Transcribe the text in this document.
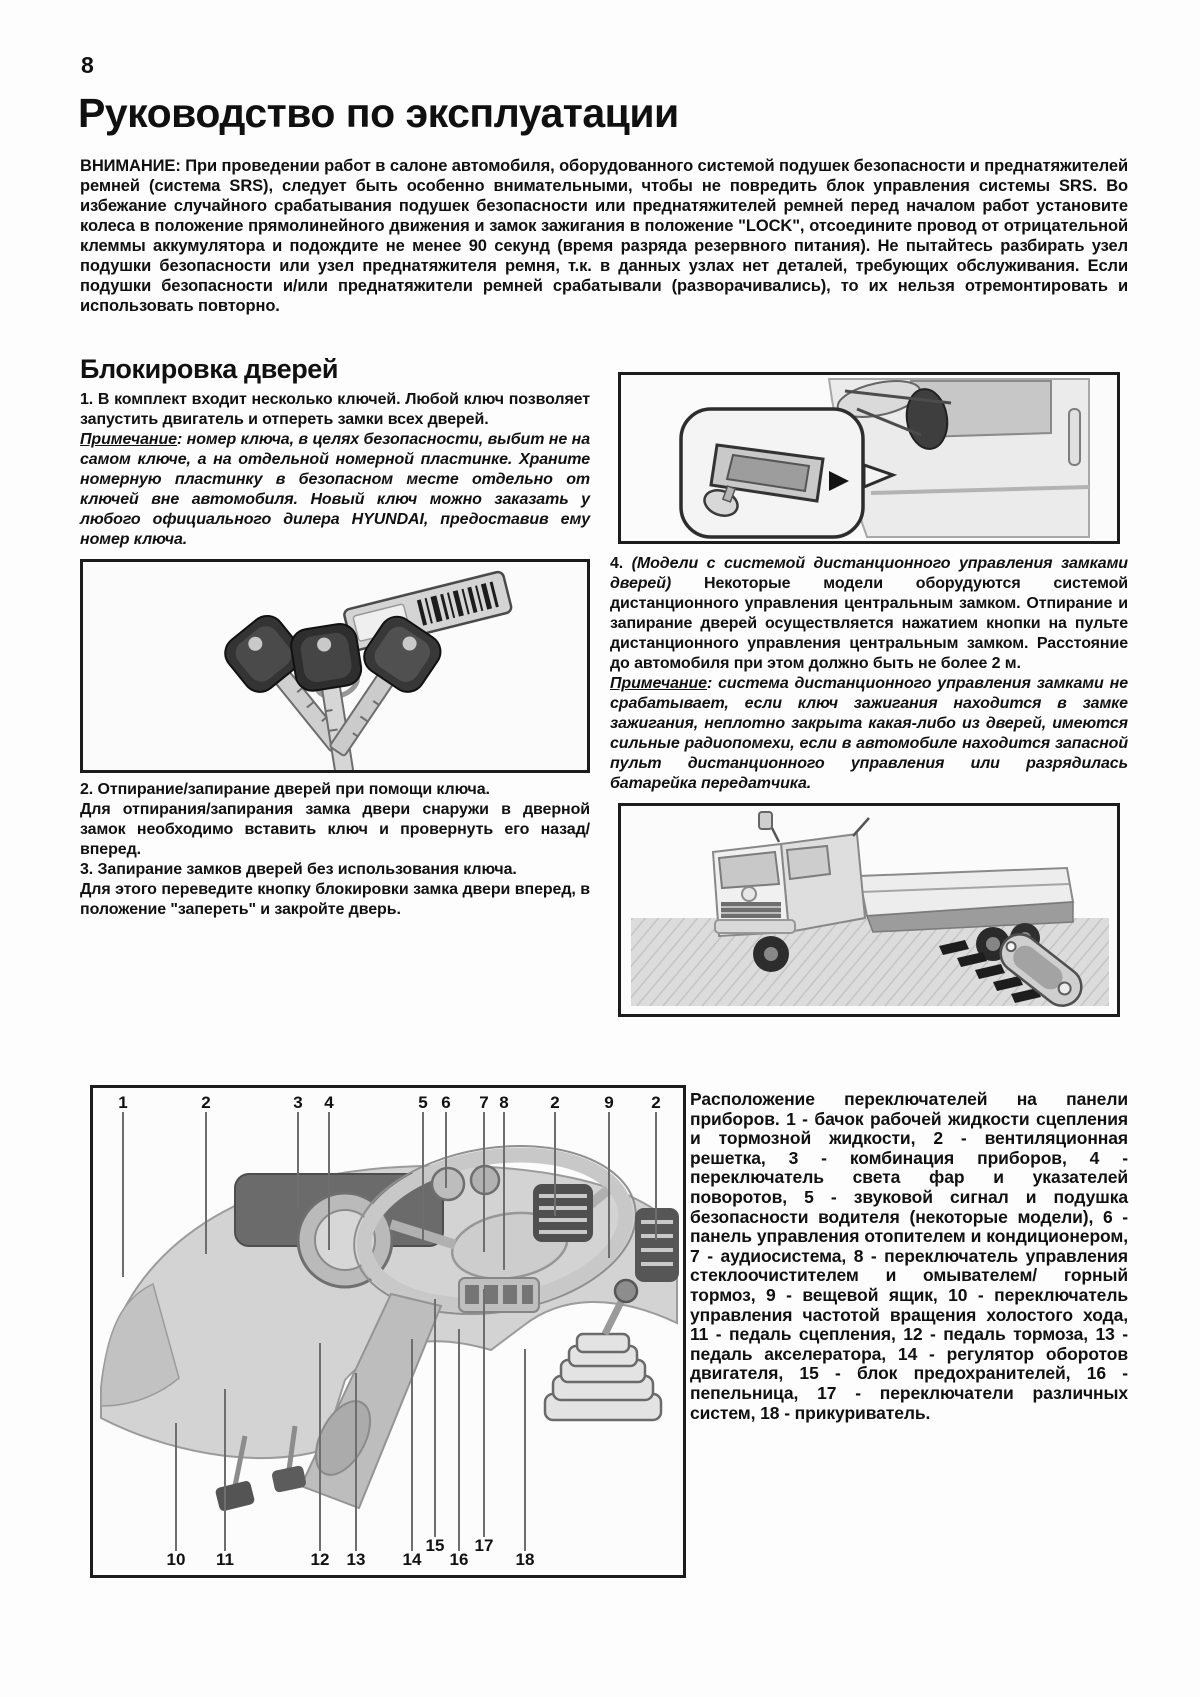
8
Руководство по эксплуатации

ВНИМАНИЕ: При проведении работ в салоне автомобиля, оборудованного системой подушек безопасности и преднатяжителей ремней (система SRS), следует быть особенно внимательными, чтобы не повредить блок управления системы SRS. Во избежание случайного срабатывания подушек безопасности или преднатяжителей ремней перед началом работ установите колеса в положение прямолинейного движения и замок зажигания в положение "LOCK", отсоедините провод от отрицательной клеммы аккумулятора и подождите не менее 90 секунд (время разряда резервного питания). Не пытайтесь разбирать узел подушки безопасности или узел преднатяжителя ремня, т.к. в данных узлах нет деталей, требующих обслуживания. Если подушки безопасности и/или преднатяжители ремней срабатывали (разворачивались), то их нельзя отремонтировать и использовать повторно.

Блокировка дверей

1. В комплект входит несколько ключей. Любой ключ позволяет запустить двигатель и отпереть замки всех дверей.

Примечание: номер ключа, в целях безопасности, выбит не на самом ключе, а на отдельной номерной пластинке. Храните номерную пластинку в безопасном месте отдельно от ключей вне автомобиля. Новый ключ можно заказать у любого официального дилера HYUNDAI, предоставив ему номер ключа.

2. Отпирание/запирание дверей при помощи ключа.

Для отпирания/запирания замка двери снаружи в дверной замок необходимо вставить ключ и провернуть его назад/вперед.

3. Запирание замков дверей без использования ключа.

Для этого переведите кнопку блокировки замка двери вперед, в положение "запереть" и закройте дверь.

4. (Модели с системой дистанционного управления замками дверей) Некоторые модели оборудуются системой дистанционного управления центральным замком. Отпирание и запирание дверей осуществляется нажатием кнопки на пульте дистанционного управления центральным замком. Расстояние до автомобиля при этом должно быть не более 2 м.

Примечание: система дистанционного управления замками не срабатывает, если ключ зажигания находится в замке зажигания, неплотно закрыта какая-либо из дверей, имеются сильные радиопомехи, если в автомобиле находится запасной пульт дистанционного управления или разрядилась батарейка передатчика.

1	2	3 4	5 6 7 8 2	9 2
10 11	12 13 14
15
16
17
18

Расположение переключателей на панели приборов. 1 - бачок рабочей жидкости сцепления и тормозной жидкости, 2 - вентиляционная решетка, 3 - комбинация приборов, 4 - переключатель света фар и указателей поворотов, 5 - звуковой сигнал и подушка безопасности водителя (некоторые модели), 6 - панель управления отопителем и кондиционером, 7 - аудиосистема, 8 - переключатель управления стеклоочистителем и омывателем/ горный тормоз, 9 - вещевой ящик, 10 - переключатель управления частотой вращения холостого хода, 11 - педаль сцепления, 12 - педаль тормоза, 13 - педаль акселератора, 14 - регулятор оборотов двигателя, 15 - блок предохранителей, 16 - пепельница, 17 - переключатели различных систем, 18 - прикуриватель.
